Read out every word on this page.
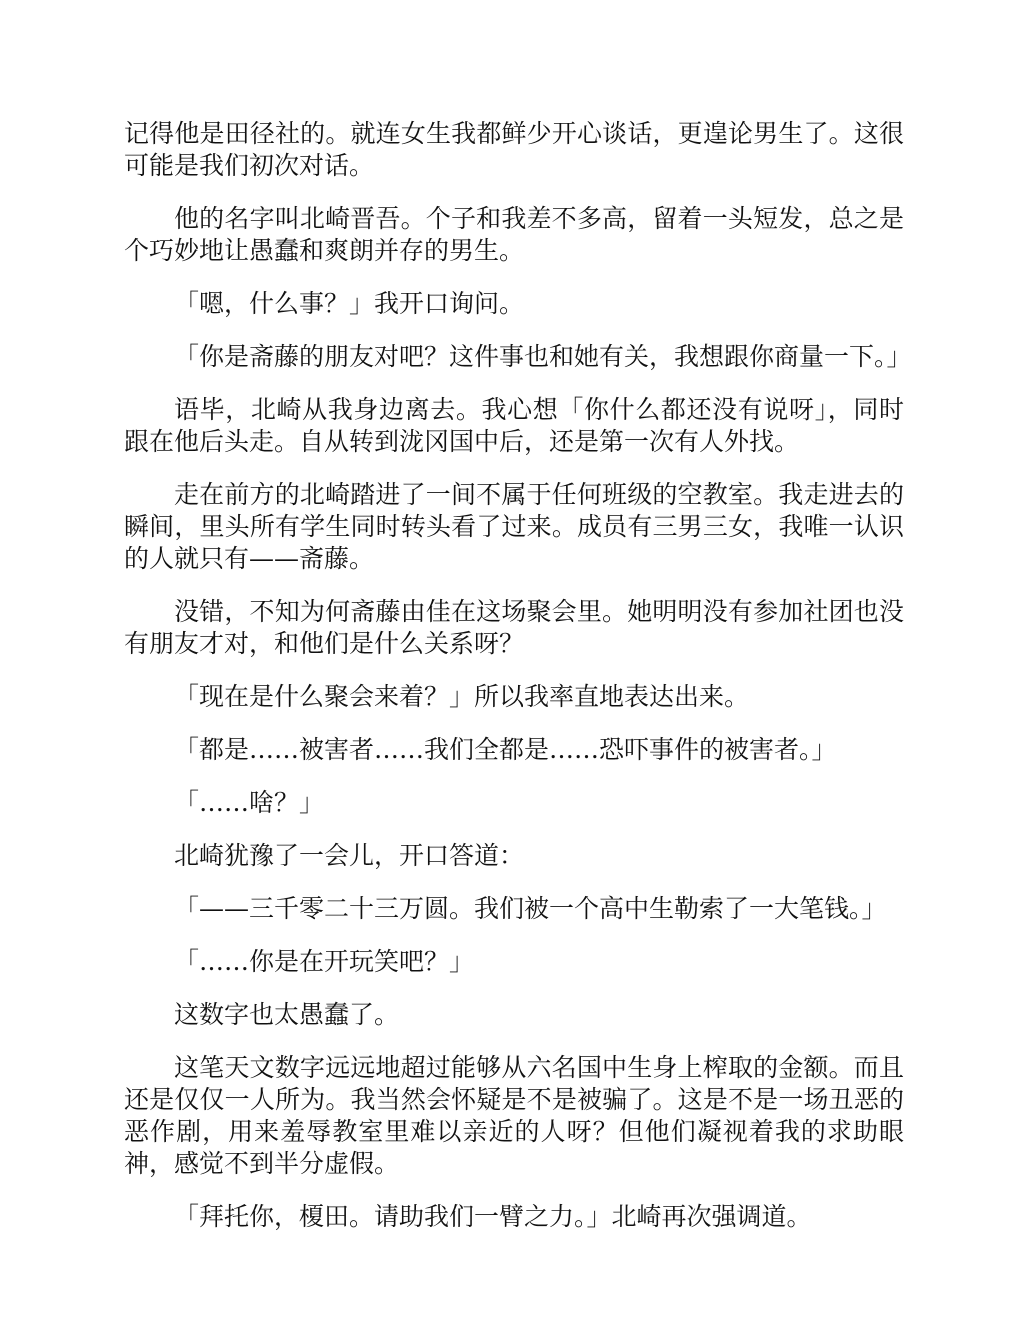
记得他是田径社的。就连女生我都鲜少开心谈话，更遑论男生了。这很可能是我们初次对话。

他的名字叫北崎晋吾。个子和我差不多高，留着一头短发，总之是个巧妙地让愚蠢和爽朗并存的男生。

「嗯，什么事？」我开口询问。

「你是斋藤的朋友对吧？这件事也和她有关，我想跟你商量一下。」

语毕，北崎从我身边离去。我心想「你什么都还没有说呀」，同时跟在他后头走。自从转到泷冈国中后，还是第一次有人外找。

走在前方的北崎踏进了一间不属于任何班级的空教室。我走进去的瞬间，里头所有学生同时转头看了过来。成员有三男三女，我唯一认识的人就只有——斋藤。

没错，不知为何斋藤由佳在这场聚会里。她明明没有参加社团也没有朋友才对，和他们是什么关系呀？

「现在是什么聚会来着？」所以我率直地表达出来。

「都是……被害者……我们全都是……恐吓事件的被害者。」

「……啥？」

北崎犹豫了一会儿，开口答道：

「——三千零二十三万圆。我们被一个高中生勒索了一大笔钱。」

「……你是在开玩笑吧？」

这数字也太愚蠢了。

这笔天文数字远远地超过能够从六名国中生身上榨取的金额。而且还是仅仅一人所为。我当然会怀疑是不是被骗了。这是不是一场丑恶的恶作剧，用来羞辱教室里难以亲近的人呀？但他们凝视着我的求助眼神，感觉不到半分虚假。

「拜托你，榎田。请助我们一臂之力。」北崎再次强调道。
